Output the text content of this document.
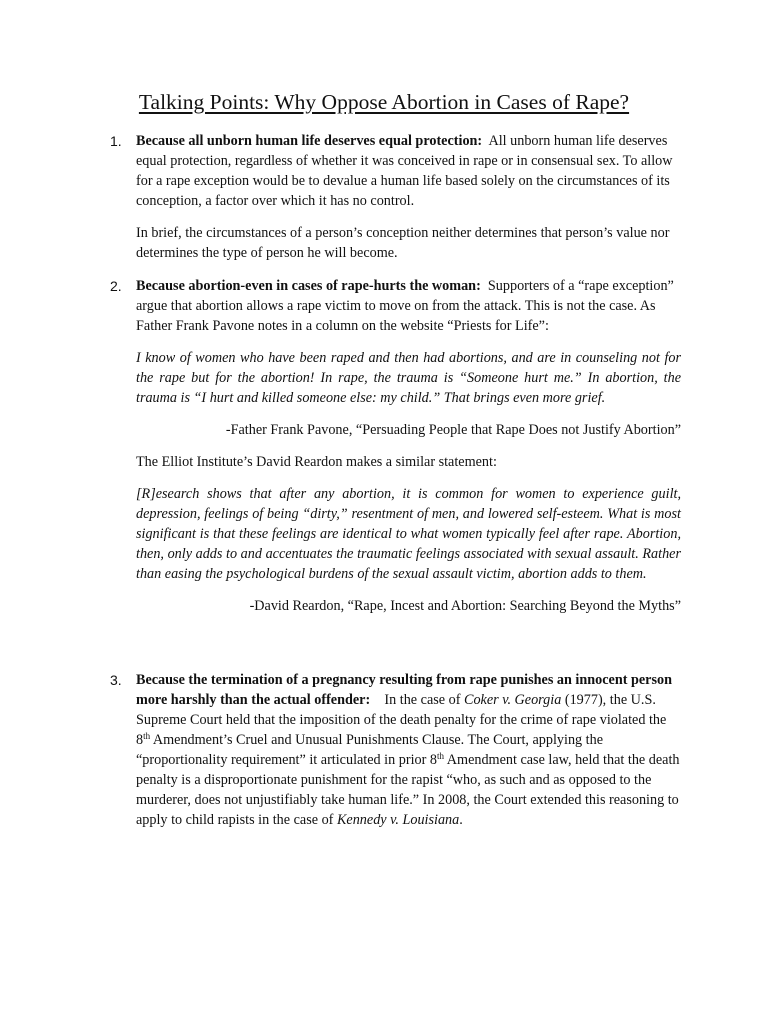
Talking Points: Why Oppose Abortion in Cases of Rape?
1. Because all unborn human life deserves equal protection: All unborn human life deserves equal protection, regardless of whether it was conceived in rape or in consensual sex. To allow for a rape exception would be to devalue a human life based solely on the circumstances of its conception, a factor over which it has no control.

In brief, the circumstances of a person’s conception neither determines that person’s value nor determines the type of person he will become.

2. Because abortion-even in cases of rape-hurts the woman: Supporters of a “rape exception” argue that abortion allows a rape victim to move on from the attack. This is not the case. As Father Frank Pavone notes in a column on the website “Priests for Life”:

I know of women who have been raped and then had abortions, and are in counseling not for the rape but for the abortion! In rape, the trauma is “Someone hurt me.” In abortion, the trauma is “I hurt and killed someone else: my child.” That brings even more grief.

-Father Frank Pavone, “Persuading People that Rape Does not Justify Abortion”

The Elliot Institute’s David Reardon makes a similar statement:

[R]esearch shows that after any abortion, it is common for women to experience guilt, depression, feelings of being “dirty,” resentment of men, and lowered self-esteem. What is most significant is that these feelings are identical to what women typically feel after rape. Abortion, then, only adds to and accentuates the traumatic feelings associated with sexual assault. Rather than easing the psychological burdens of the sexual assault victim, abortion adds to them.

-David Reardon, “Rape, Incest and Abortion: Searching Beyond the Myths”

3. Because the termination of a pregnancy resulting from rape punishes an innocent person more harshly than the actual offender: In the case of Coker v. Georgia (1977), the U.S. Supreme Court held that the imposition of the death penalty for the crime of rape violated the 8th Amendment’s Cruel and Unusual Punishments Clause. The Court, applying the “proportionality requirement” it articulated in prior 8th Amendment case law, held that the death penalty is a disproportionate punishment for the rapist “who, as such and as opposed to the murderer, does not unjustifiably take human life.” In 2008, the Court extended this reasoning to apply to child rapists in the case of Kennedy v. Louisiana.
